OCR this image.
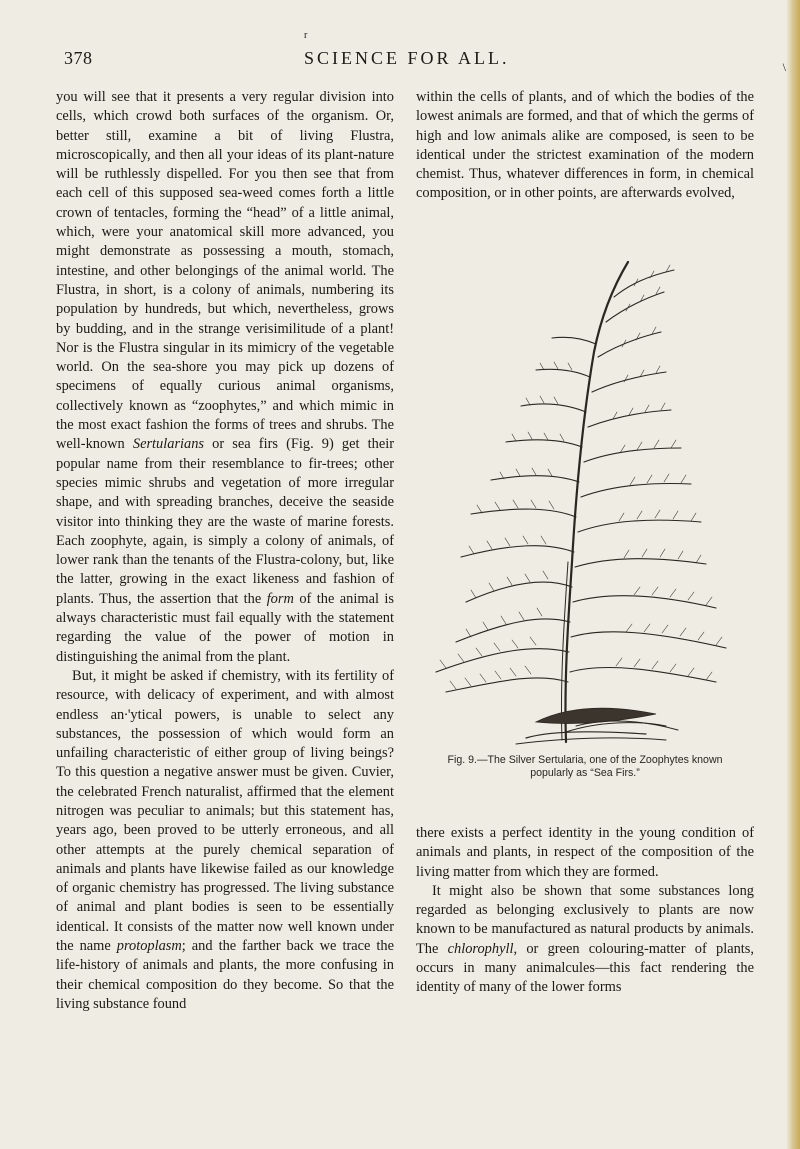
378
r
SCIENCE FOR ALL.	\

you will see that it presents a very regular division into cells, which crowd both surfaces of the organism. Or, better still, examine a bit of living Flustra, microscopically, and then all your ideas of its plant-nature will be ruthlessly dispelled. For you then see that from each cell of this supposed sea-weed comes forth a little crown of tentacles, forming the “head” of a little animal, which, were your anatomical skill more advanced, you might demonstrate as possessing a mouth, stomach, intestine, and other belongings of the animal world. The Flustra, in short, is a colony of animals, numbering its population by hundreds, but which, nevertheless, grows by budding, and in the strange verisimilitude of a plant! Nor is the Flustra singular in its mimicry of the vegetable world. On the sea-shore you may pick up dozens of specimens of equally curious animal organisms, collectively known as “zoophytes,” and which mimic in the most exact fashion the forms of trees and shrubs. The well-known Sertularians or sea firs (Fig. 9) get their popular name from their resemblance to fir-trees; other species mimic shrubs and vegetation of more irregular shape, and with spreading branches, deceive the seaside visitor into thinking they are the waste of marine forests. Each zoophyte, again, is simply a colony of animals, of lower rank than the tenants of the Flustra-colony, but, like the latter, growing in the exact likeness and fashion of plants. Thus, the assertion that the form of the animal is always characteristic must fail equally with the statement regarding the value of the power of motion in distinguishing the animal from the plant.

But, it might be asked if chemistry, with its fertility of resource, with delicacy of experiment, and with almost endless an∙'ytical powers, is unable to select any substances, the possession of which would form an unfailing characteristic of either group of living beings? To this question a negative answer must be given. Cuvier, the celebrated French naturalist, affirmed that the element nitrogen was peculiar to animals; but this statement has, years ago, been proved to be utterly erroneous, and all other attempts at the purely chemical separation of animals and plants have likewise failed as our knowledge of organic chemistry has progressed. The living substance of animal and plant bodies is seen to be essentially identical. It consists of the matter now well known under the name protoplasm; and the farther back we trace the life-history of animals and plants, the more confusing in their chemical composition do they become. So that the living substance found

within the cells of plants, and of which the bodies of the lowest animals are formed, and that of which the germs of high and low animals alike are composed, is seen to be identical under the strictest examination of the modern chemist. Thus, whatever differences in form, in chemical composition, or in other points, are afterwards evolved,

Fig. 9.—The Silver Sertularia, one of the Zoophytes known
popularly as “Sea Firs.”

there exists a perfect identity in the young condition of animals and plants, in respect of the composition of the living matter from which they are formed.

It might also be shown that some substances long regarded as belonging exclusively to plants are now known to be manufactured as natural products by animals. The chlorophyll, or green colouring-matter of plants, occurs in many animalcules—this fact rendering the identity of many of the lower forms
